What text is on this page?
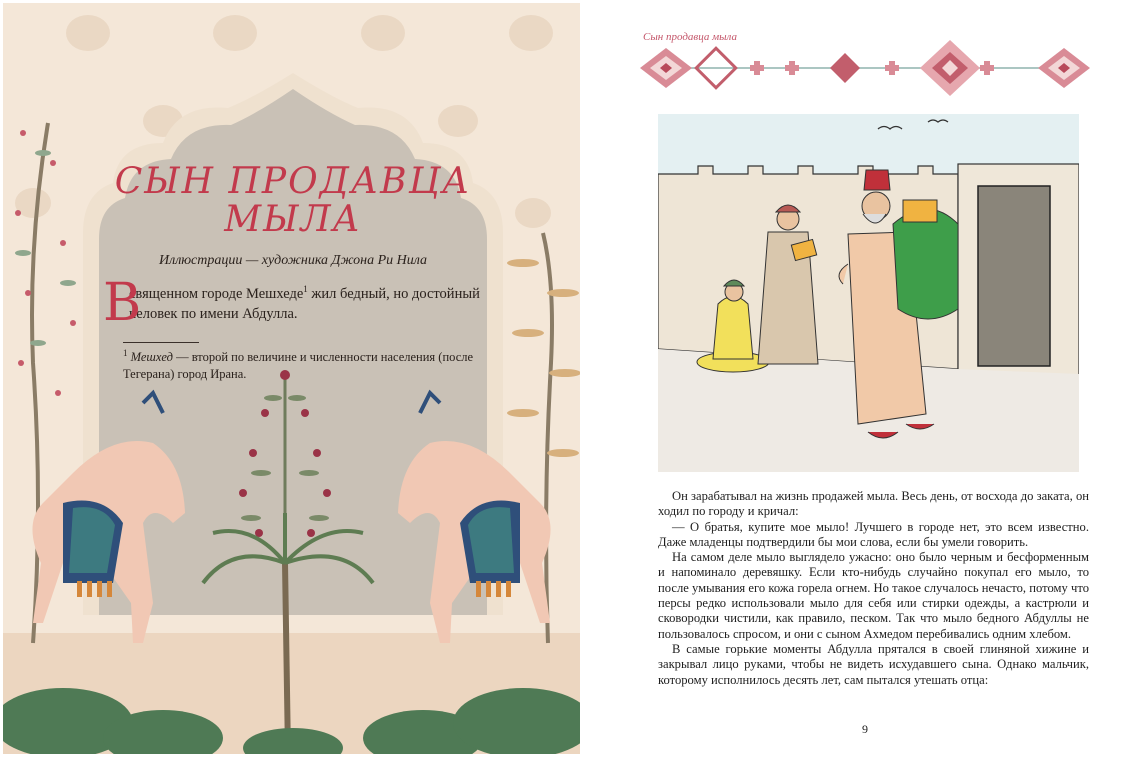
СЫН ПРОДАВЦА
МЫЛА
Иллюстрации — художника Джона Ри Нила
В
священном городе Мешхеде$^1$ жил бедный, но достойный человек по имени Абдулла.
$^1$ Мешхед — второй по величине и численности населения (после Тегерана) город Ирана.
Сын продавца мыла

Он зарабатывал на жизнь продажей мыла. Весь день, от восхода до заката, он ходил по городу и кричал:

— О братья, купите мое мыло! Лучшего в городе нет, это всем известно. Даже младенцы подтвердили бы мои слова, если бы умели говорить.

На самом деле мыло выглядело ужасно: оно было черным и бесформенным и напоминало деревяшку. Если кто-нибудь случайно покупал его мыло, то после умывания его кожа горела огнем. Но такое случалось нечасто, потому что персы редко использовали мыло для себя или стирки одежды, а кастрюли и сковородки чистили, как правило, песком. Так что мыло бедного Абдуллы не пользовалось спросом, и они с сыном Ахмедом перебивались одним хлебом.

В самые горькие моменты Абдулла прятался в своей глиняной хижине и закрывал лицо руками, чтобы не видеть исхудавшего сына. Однако мальчик, которому исполнилось десять лет, сам пытался утешать отца:

9
